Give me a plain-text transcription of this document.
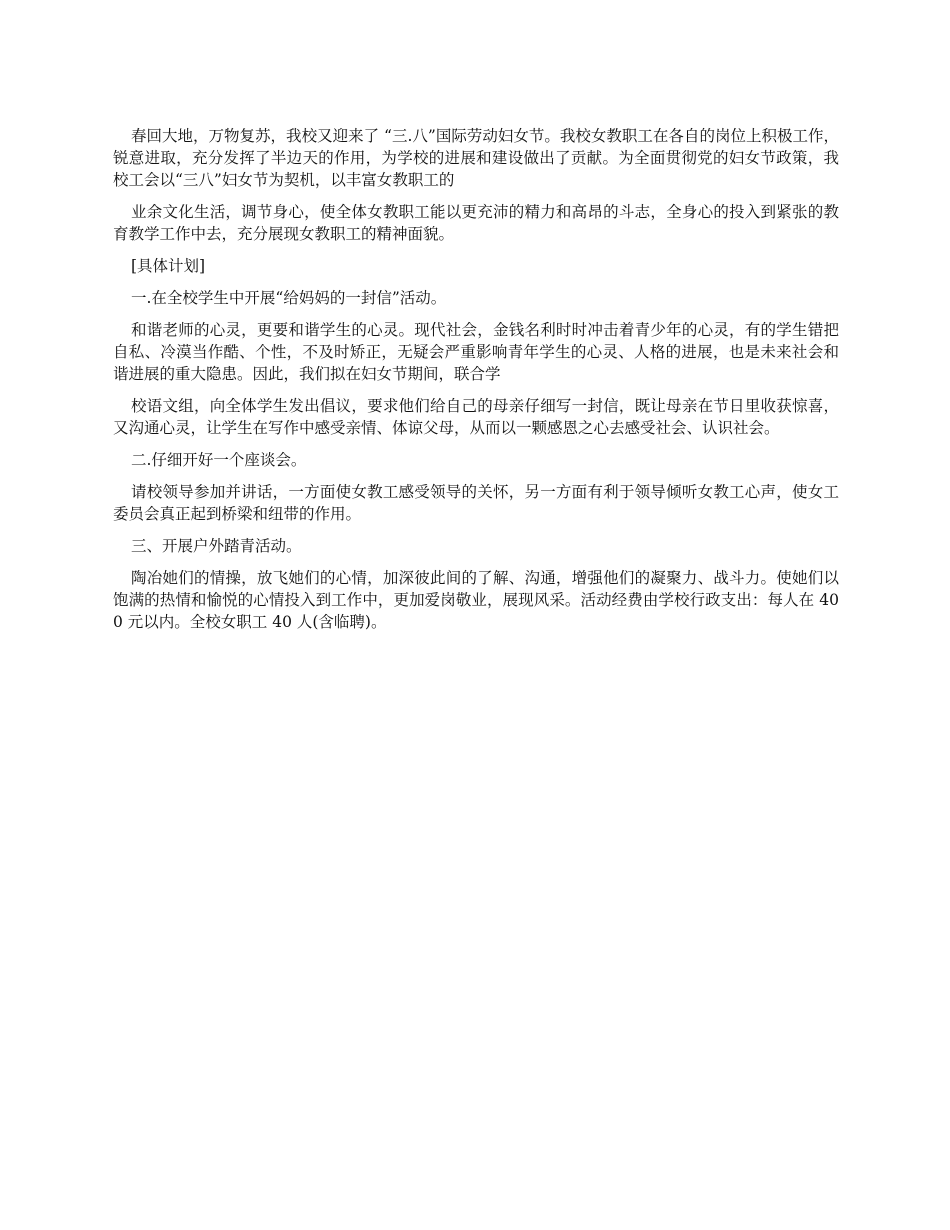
春回大地，万物复苏，我校又迎来了 “三.八”国际劳动妇女节。我校女教职工在各自的岗位上积极工作，锐意进取，充分发挥了半边天的作用，为学校的进展和建设做出了贡献。为全面贯彻党的妇女节政策，我校工会以“三八”妇女节为契机，以丰富女教职工的

业余文化生活，调节身心，使全体女教职工能以更充沛的精力和高昂的斗志，全身心的投入到紧张的教育教学工作中去，充分展现女教职工的精神面貌。

[具体计划]

一.在全校学生中开展“给妈妈的一封信”活动。

和谐老师的心灵，更要和谐学生的心灵。现代社会，金钱名利时时冲击着青少年的心灵，有的学生错把自私、冷漠当作酷、个性，不及时矫正，无疑会严重影响青年学生的心灵、人格的进展，也是未来社会和谐进展的重大隐患。因此，我们拟在妇女节期间，联合学

校语文组，向全体学生发出倡议，要求他们给自己的母亲仔细写一封信，既让母亲在节日里收获惊喜，又沟通心灵，让学生在写作中感受亲情、体谅父母，从而以一颗感恩之心去感受社会、认识社会。

二.仔细开好一个座谈会。

请校领导参加并讲话，一方面使女教工感受领导的关怀，另一方面有利于领导倾听女教工心声，使女工委员会真正起到桥梁和纽带的作用。

三、开展户外踏青活动。

陶冶她们的情操，放飞她们的心情，加深彼此间的了解、沟通，增强他们的凝聚力、战斗力。使她们以饱满的热情和愉悦的心情投入到工作中，更加爱岗敬业，展现风采。活动经费由学校行政支出：每人在 400 元以内。全校女职工 40 人(含临聘)。
